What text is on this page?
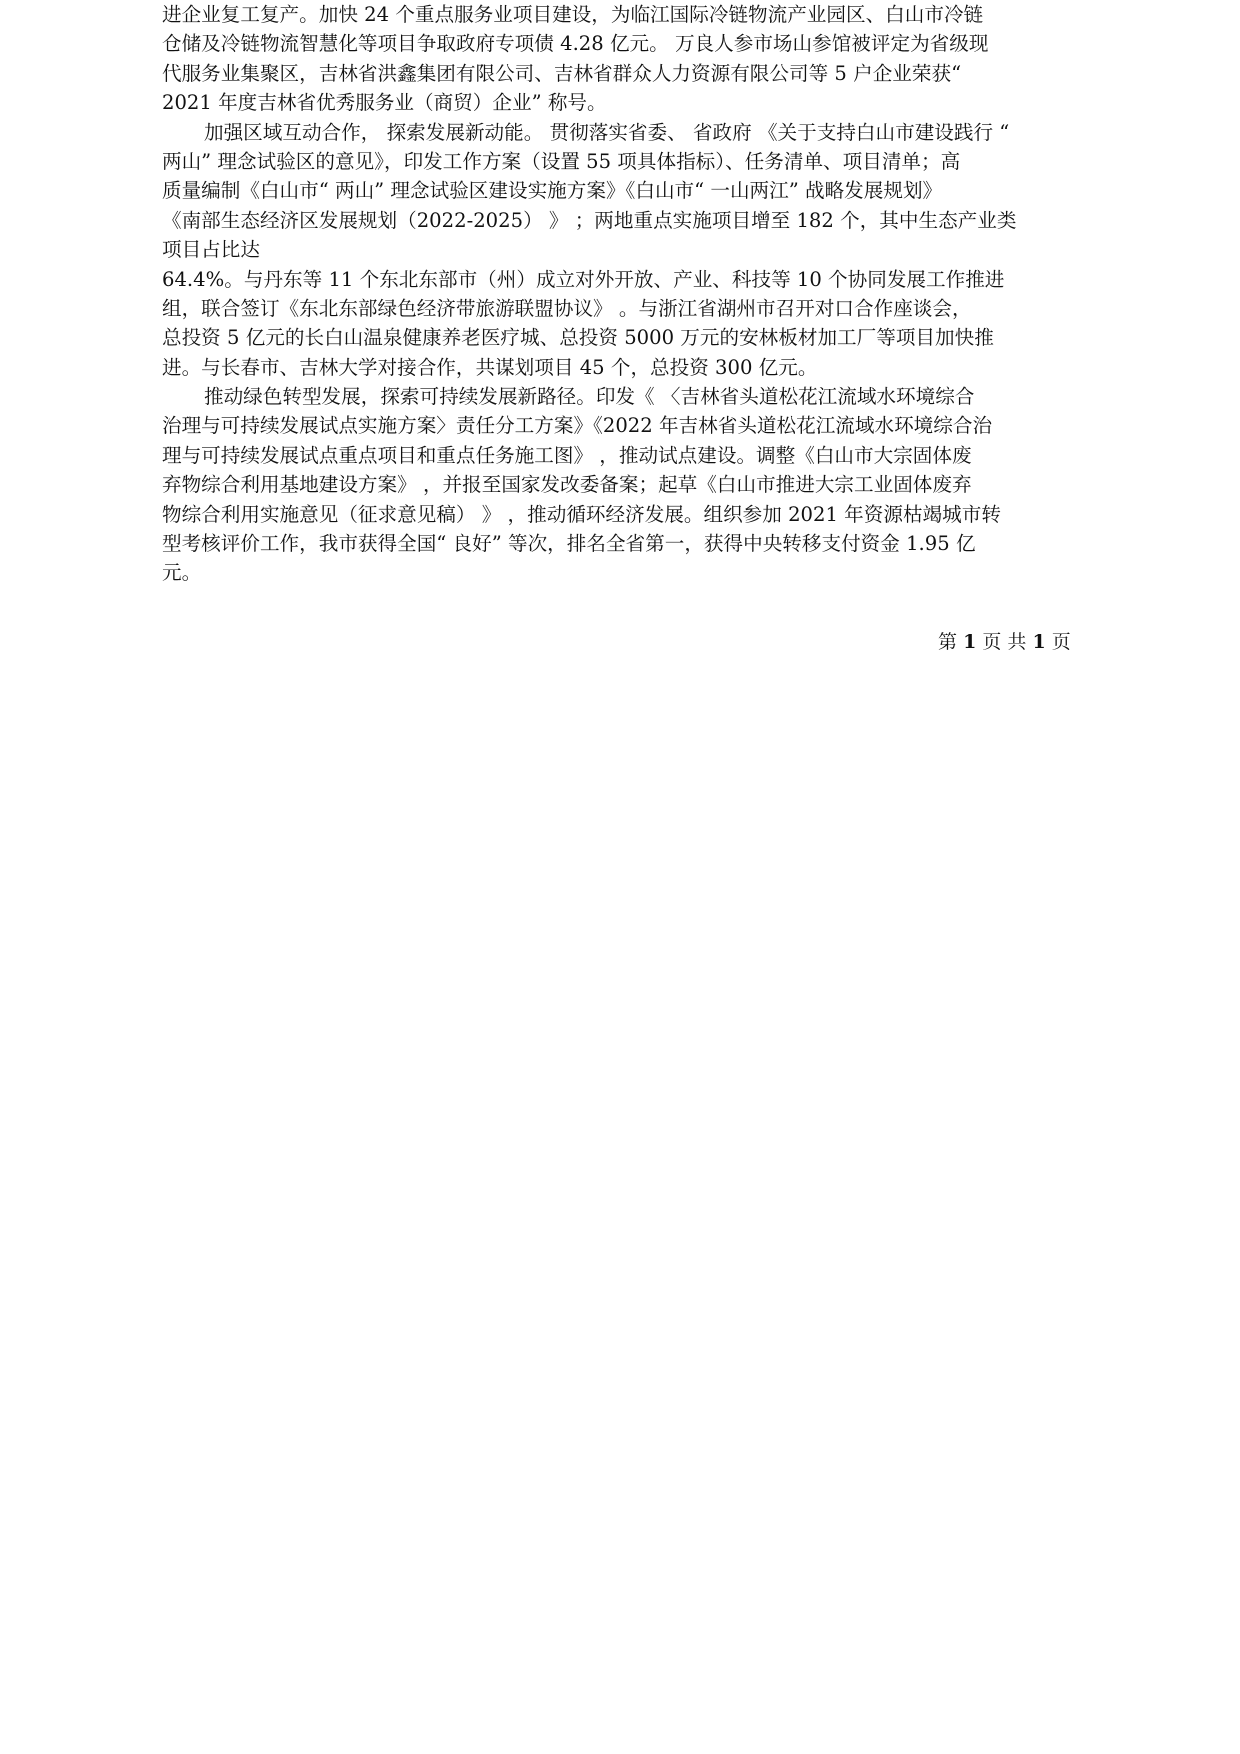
进企业复工复产。加快 24 个重点服务业项目建设，为临江国际冷链物流产业园区、白山市冷链
仓储及冷链物流智慧化等项目争取政府专项债 4.28 亿元。 万良人参市场山参馆被评定为省级现
代服务业集聚区，吉林省洪鑫集团有限公司、吉林省群众人力资源有限公司等 5 户企业荣获“
2021 年度吉林省优秀服务业（商贸）企业” 称号。
加强区域互动合作， 探索发展新动能。 贯彻落实省委、 省政府 《关于支持白山市建设践行 “
两山” 理念试验区的意见》，印发工作方案（设置 55 项具体指标）、任务清单、项目清单；高
质量编制《白山市“ 两山” 理念试验区建设实施方案》《白山市“ 一山两江” 战略发展规划》
《南部生态经济区发展规划（2022-2025） 》 ；两地重点实施项目增至 182 个，其中生态产业类
项目占比达
64.4%。与丹东等 11 个东北东部市（州）成立对外开放、产业、科技等 10 个协同发展工作推进
组，联合签订《东北东部绿色经济带旅游联盟协议》 。与浙江省湖州市召开对口合作座谈会，
总投资 5 亿元的长白山温泉健康养老医疗城、总投资 5000 万元的安林板材加工厂等项目加快推
进。与长春市、吉林大学对接合作，共谋划项目 45 个，总投资 300 亿元。
推动绿色转型发展，探索可持续发展新路径。印发《 〈吉林省头道松花江流域水环境综合
治理与可持续发展试点实施方案〉责任分工方案》《2022 年吉林省头道松花江流域水环境综合治
理与可持续发展试点重点项目和重点任务施工图》 ，推动试点建设。调整《白山市大宗固体废
弃物综合利用基地建设方案》 ，并报至国家发改委备案；起草《白山市推进大宗工业固体废弃
物综合利用实施意见（征求意见稿） 》 ，推动循环经济发展。组织参加 2021 年资源枯竭城市转
型考核评价工作，我市获得全国“ 良好” 等次，排名全省第一，获得中央转移支付资金 1.95 亿
元。
第 1 页 共 1 页
